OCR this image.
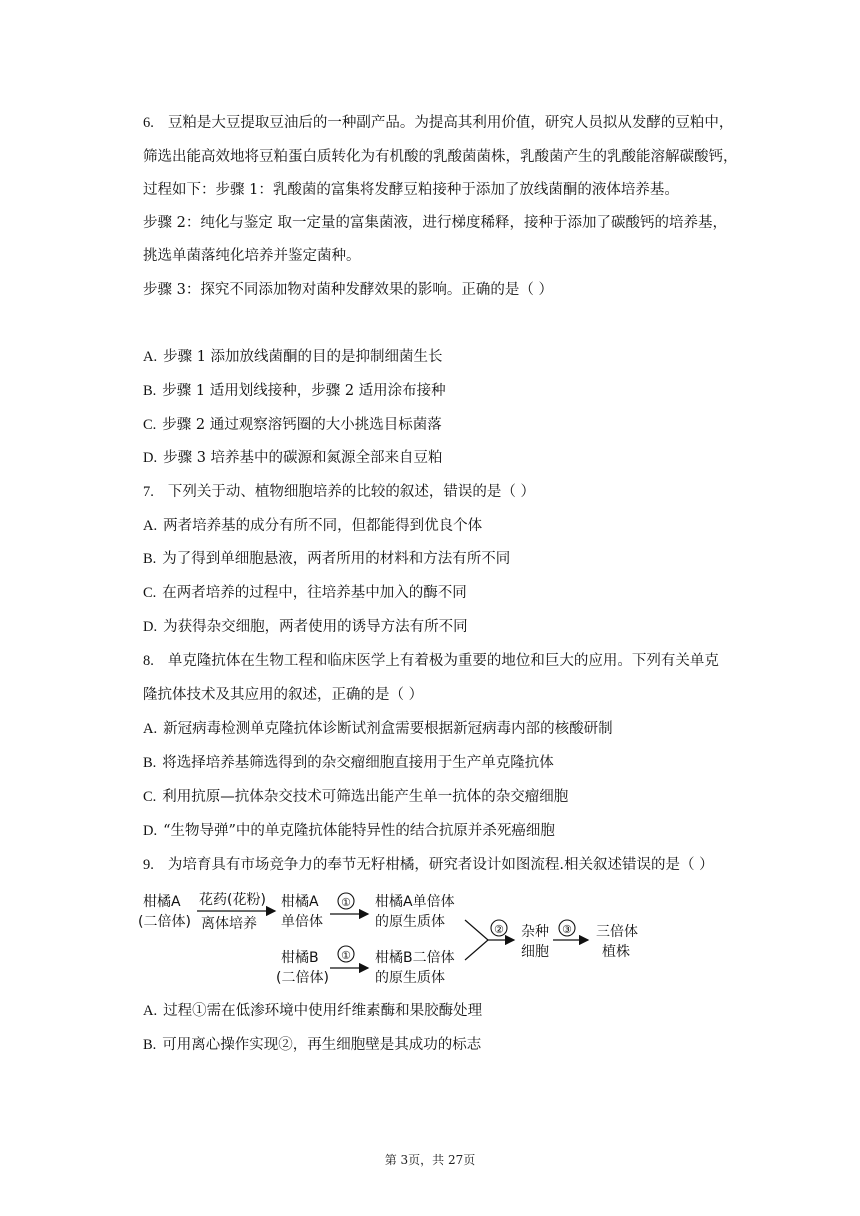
6. 豆粕是大豆提取豆油后的一种副产品。为提高其利用价值，研究人员拟从发酵的豆粕中，
筛选出能高效地将豆粕蛋白质转化为有机酸的乳酸菌菌株，乳酸菌产生的乳酸能溶解碳酸钙，
过程如下：步骤 1：乳酸菌的富集将发酵豆粕接种于添加了放线菌酮的液体培养基。
步骤 2：纯化与鉴定 取一定量的富集菌液，进行梯度稀释，接种于添加了碳酸钙的培养基，
挑选单菌落纯化培养并鉴定菌种。
步骤 3：探究不同添加物对菌种发酵效果的影响。正确的是（ ）
A. 步骤 1 添加放线菌酮的目的是抑制细菌生长
B. 步骤 1 适用划线接种，步骤 2 适用涂布接种
C. 步骤 2 通过观察溶钙圈的大小挑选目标菌落
D. 步骤 3 培养基中的碳源和氮源全部来自豆粕
7. 下列关于动、植物细胞培养的比较的叙述，错误的是（ ）
A. 两者培养基的成分有所不同，但都能得到优良个体
B. 为了得到单细胞悬液，两者所用的材料和方法有所不同
C. 在两者培养的过程中，往培养基中加入的酶不同
D. 为获得杂交细胞，两者使用的诱导方法有所不同
8. 单克隆抗体在生物工程和临床医学上有着极为重要的地位和巨大的应用。下列有关单克
隆抗体技术及其应用的叙述，正确的是（ ）
A. 新冠病毒检测单克隆抗体诊断试剂盒需要根据新冠病毒内部的核酸研制
B. 将选择培养基筛选得到的杂交瘤细胞直接用于生产单克隆抗体
C. 利用抗原—抗体杂交技术可筛选出能产生单一抗体的杂交瘤细胞
D. “生物导弹”中的单克隆抗体能特异性的结合抗原并杀死癌细胞
9. 为培育具有市场竞争力的奉节无籽柑橘，研究者设计如图流程.相关叙述错误的是（ ）
柑橘A
(二倍体)
花药(花粉)
离体培养
柑橘A
单倍体
① 柑橘A单倍体
的原生质体
柑橘B
(二倍体)
① 柑橘B二倍体
的原生质体
② 杂种
细胞
③ 三倍体
植株
A. 过程①需在低渗环境中使用纤维素酶和果胶酶处理
B. 可用离心操作实现②，再生细胞壁是其成功的标志
第 3页，共 27页
